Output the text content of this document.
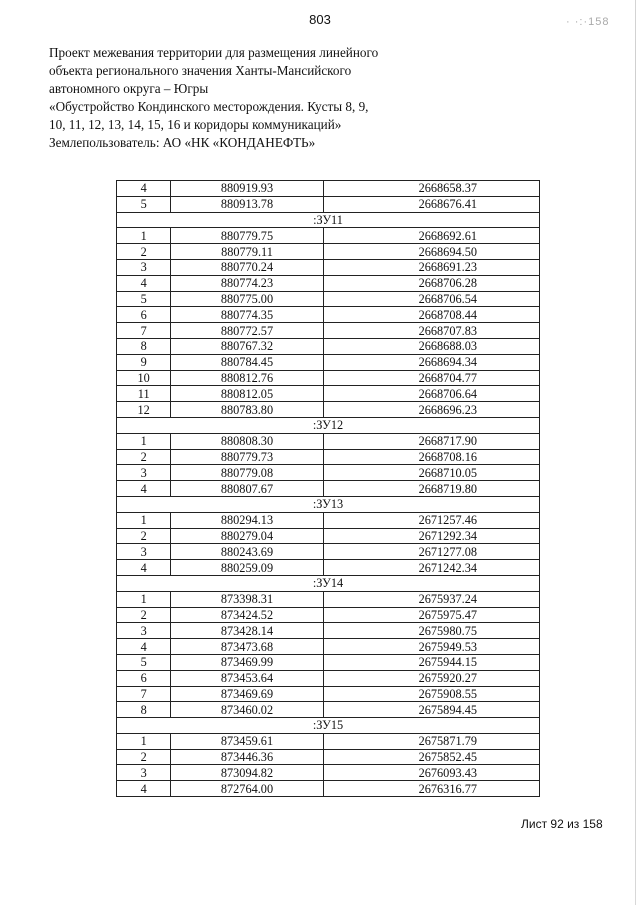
803	· ·:·158
Проект межевания территории для размещения линейного
объекта регионального значения Ханты-Мансийского
автономного округа – Югры
«Обустройство Кондинского месторождения. Кусты 8, 9,
10, 11, 12, 13, 14, 15, 16 и коридоры коммуникаций»
Землепользователь: АО «НК «КОНДАНЕФТЬ»
4	880919.93	2668658.37
5	880913.78	2668676.41
:ЗУ11		
1	880779.75	2668692.61
2	880779.11	2668694.50
3	880770.24	2668691.23
4	880774.23	2668706.28
5	880775.00	2668706.54
6	880774.35	2668708.44
7	880772.57	2668707.83
8	880767.32	2668688.03
9	880784.45	2668694.34
10	880812.76	2668704.77
11	880812.05	2668706.64
12	880783.80	2668696.23
:ЗУ12		
1	880808.30	2668717.90
2	880779.73	2668708.16
3	880779.08	2668710.05
4	880807.67	2668719.80
:ЗУ13		
1	880294.13	2671257.46
2	880279.04	2671292.34
3	880243.69	2671277.08
4	880259.09	2671242.34
:ЗУ14		
1	873398.31	2675937.24
2	873424.52	2675975.47
3	873428.14	2675980.75
4	873473.68	2675949.53
5	873469.99	2675944.15
6	873453.64	2675920.27
7	873469.69	2675908.55
8	873460.02	2675894.45
:ЗУ15		
1	873459.61	2675871.79
2	873446.36	2675852.45
3	873094.82	2676093.43
4	872764.00	2676316.77
Лист 92 из 158
